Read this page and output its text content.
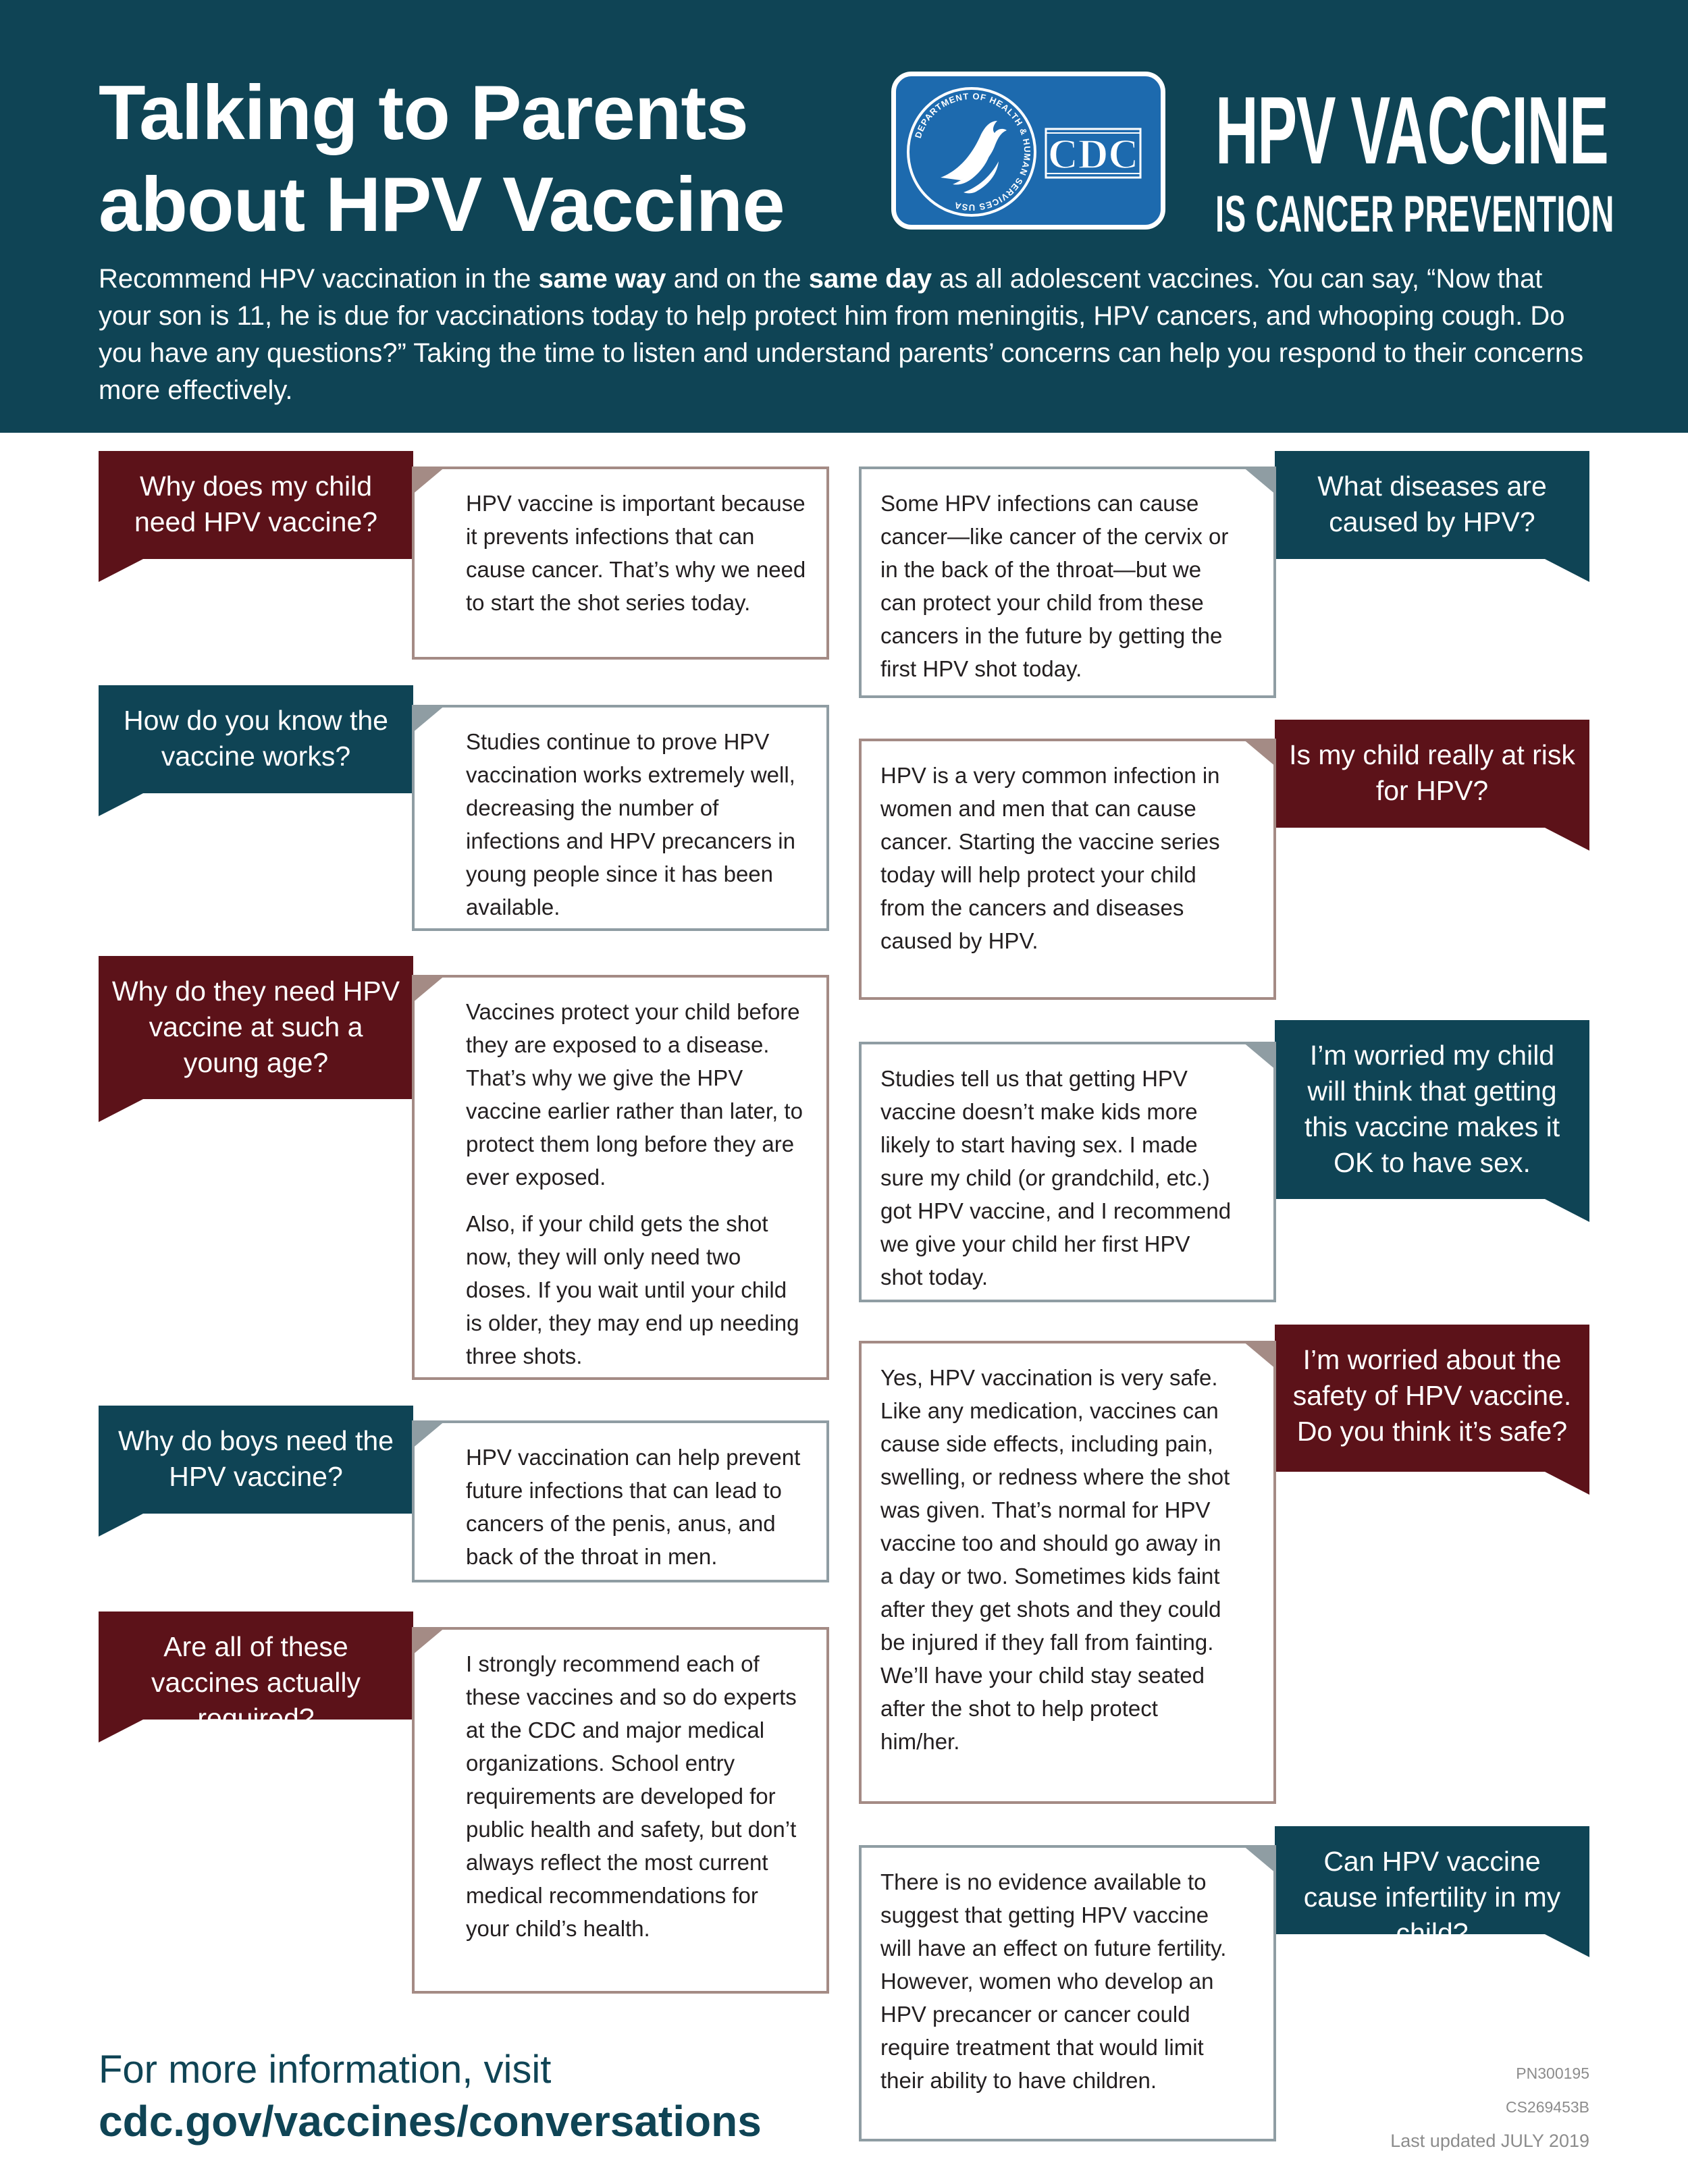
Talking to Parents
about HPV Vaccine
DEPARTMENT OF HEALTH & HUMAN SERVICES USA
CDC HPV VACCINE
IS CANCER PREVENTION

Recommend HPV vaccination in the same way and on the same day as all adolescent vaccines. You can say, “Now that your son is 11, he is due for vaccinations today to help protect him from meningitis, HPV cancers, and whooping cough. Do you have any questions?” Taking the time to listen and understand parents’ concerns can help you respond to their concerns more effectively.

Why does my child need HPV vaccine?

HPV vaccine is important because it prevents infections that can cause cancer. That’s why we need to start the shot series today.

How do you know the vaccine works?	Studies continue to prove HPV vaccination works extremely well, decreasing the number of infections and HPV precancers in young people since it has been available.

Why do they need HPV vaccine at such a young age?

Vaccines protect your child before they are exposed to a disease. That’s why we give the HPV vaccine earlier rather than later, to protect them long before they are ever exposed.

Also, if your child gets the shot now, they will only need two doses. If you wait until your child is older, they may end up needing three shots.

Why do boys need the HPV vaccine?

HPV vaccination can help prevent future infections that can lead to cancers of the penis, anus, and back of the throat in men.

Are all of these vaccines actually required?

I strongly recommend each of these vaccines and so do experts at the CDC and major medical organizations. School entry requirements are developed for public health and safety, but don’t always reflect the most current medical recommendations for your child’s health.

What diseases are caused by HPV?

Some HPV infections can cause cancer—like cancer of the cervix or in the back of the throat—but we can protect your child from these cancers in the future by getting the first HPV shot today.

Is my child really at risk for HPV?

HPV is a very common infection in women and men that can cause cancer. Starting the vaccine series today will help protect your child from the cancers and diseases caused by HPV.

I’m worried my child will think that getting this vaccine makes it OK to have sex.

Studies tell us that getting HPV vaccine doesn’t make kids more likely to start having sex. I made sure my child (or grandchild, etc.) got HPV vaccine, and I recommend we give your child her first HPV shot today.

I’m worried about the safety of HPV vaccine. Do you think it’s safe?

Yes, HPV vaccination is very safe. Like any medication, vaccines can cause side effects, including pain, swelling, or redness where the shot was given. That’s normal for HPV vaccine too and should go away in a day or two. Sometimes kids faint after they get shots and they could be injured if they fall from fainting. We’ll have your child stay seated after the shot to help protect him/her.

Can HPV vaccine cause infertility in my child?

There is no evidence available to suggest that getting HPV vaccine will have an effect on future fertility. However, women who develop an HPV precancer or cancer could require treatment that would limit their ability to have children.

For more information, visit
cdc.gov/vaccines/conversations

PN300195
CS269453B
Last updated JULY 2019
